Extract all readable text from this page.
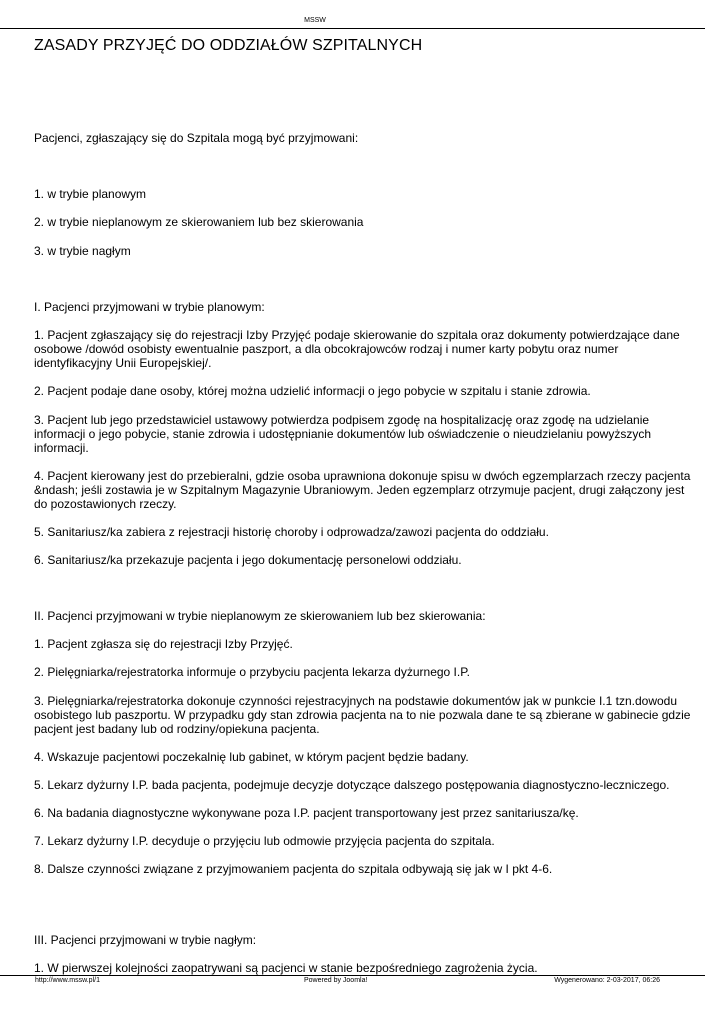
MSSW
ZASADY PRZYJĘĆ DO ODDZIAŁÓW SZPITALNYCH

Pacjenci, zgłaszający się do Szpitala mogą być przyjmowani:

1. w trybie planowym

2. w trybie nieplanowym ze skierowaniem lub bez skierowania

3. w trybie nagłym

I. Pacjenci przyjmowani w trybie planowym:

1. Pacjent zgłaszający się do rejestracji Izby Przyjęć podaje skierowanie do szpitala oraz dokumenty potwierdzające dane osobowe /dowód osobisty ewentualnie paszport, a dla obcokrajowców rodzaj i numer karty pobytu oraz numer identyfikacyjny Unii Europejskiej/.

2. Pacjent podaje dane osoby, której można udzielić informacji o jego pobycie w szpitalu i stanie zdrowia.

3. Pacjent lub jego przedstawiciel ustawowy potwierdza podpisem zgodę na hospitalizację oraz zgodę na udzielanie informacji o jego pobycie, stanie zdrowia i udostępnianie dokumentów lub oświadczenie o nieudzielaniu powyższych informacji.

4. Pacjent kierowany jest do przebieralni, gdzie osoba uprawniona dokonuje spisu w dwóch egzemplarzach rzeczy pacjenta &ndash; jeśli zostawia je w Szpitalnym Magazynie Ubraniowym. Jeden egzemplarz otrzymuje pacjent, drugi załączony jest do pozostawionych rzeczy.

5. Sanitariusz/ka zabiera z rejestracji historię choroby i odprowadza/zawozi pacjenta do oddziału.

6. Sanitariusz/ka przekazuje pacjenta i jego dokumentację personelowi oddziału.

II. Pacjenci przyjmowani w trybie nieplanowym ze skierowaniem lub bez skierowania:

1. Pacjent zgłasza się do rejestracji Izby Przyjęć.

2. Pielęgniarka/rejestratorka informuje o przybyciu pacjenta lekarza dyżurnego I.P.

3. Pielęgniarka/rejestratorka dokonuje czynności rejestracyjnych na podstawie dokumentów jak w punkcie I.1 tzn.dowodu osobistego lub paszportu. W przypadku gdy stan zdrowia pacjenta na to nie pozwala dane te są zbierane w gabinecie gdzie pacjent jest badany lub od rodziny/opiekuna pacjenta.

4. Wskazuje pacjentowi poczekalnię lub gabinet, w którym pacjent będzie badany.

5. Lekarz dyżurny I.P. bada pacjenta, podejmuje decyzje dotyczące dalszego postępowania diagnostyczno-leczniczego.

6. Na badania diagnostyczne wykonywane poza I.P. pacjent transportowany jest przez sanitariusza/kę.

7. Lekarz dyżurny I.P. decyduje o przyjęciu lub odmowie przyjęcia pacjenta do szpitala.

8. Dalsze czynności związane z przyjmowaniem pacjenta do szpitala odbywają się jak w I pkt 4-6.

III. Pacjenci przyjmowani w trybie nagłym:

1. W pierwszej kolejności zaopatrywani są pacjenci w stanie bezpośredniego zagrożenia życia.

http://www.mssw.pl/1	Powered by Joomla!	Wygenerowano: 2-03-2017, 06:26
